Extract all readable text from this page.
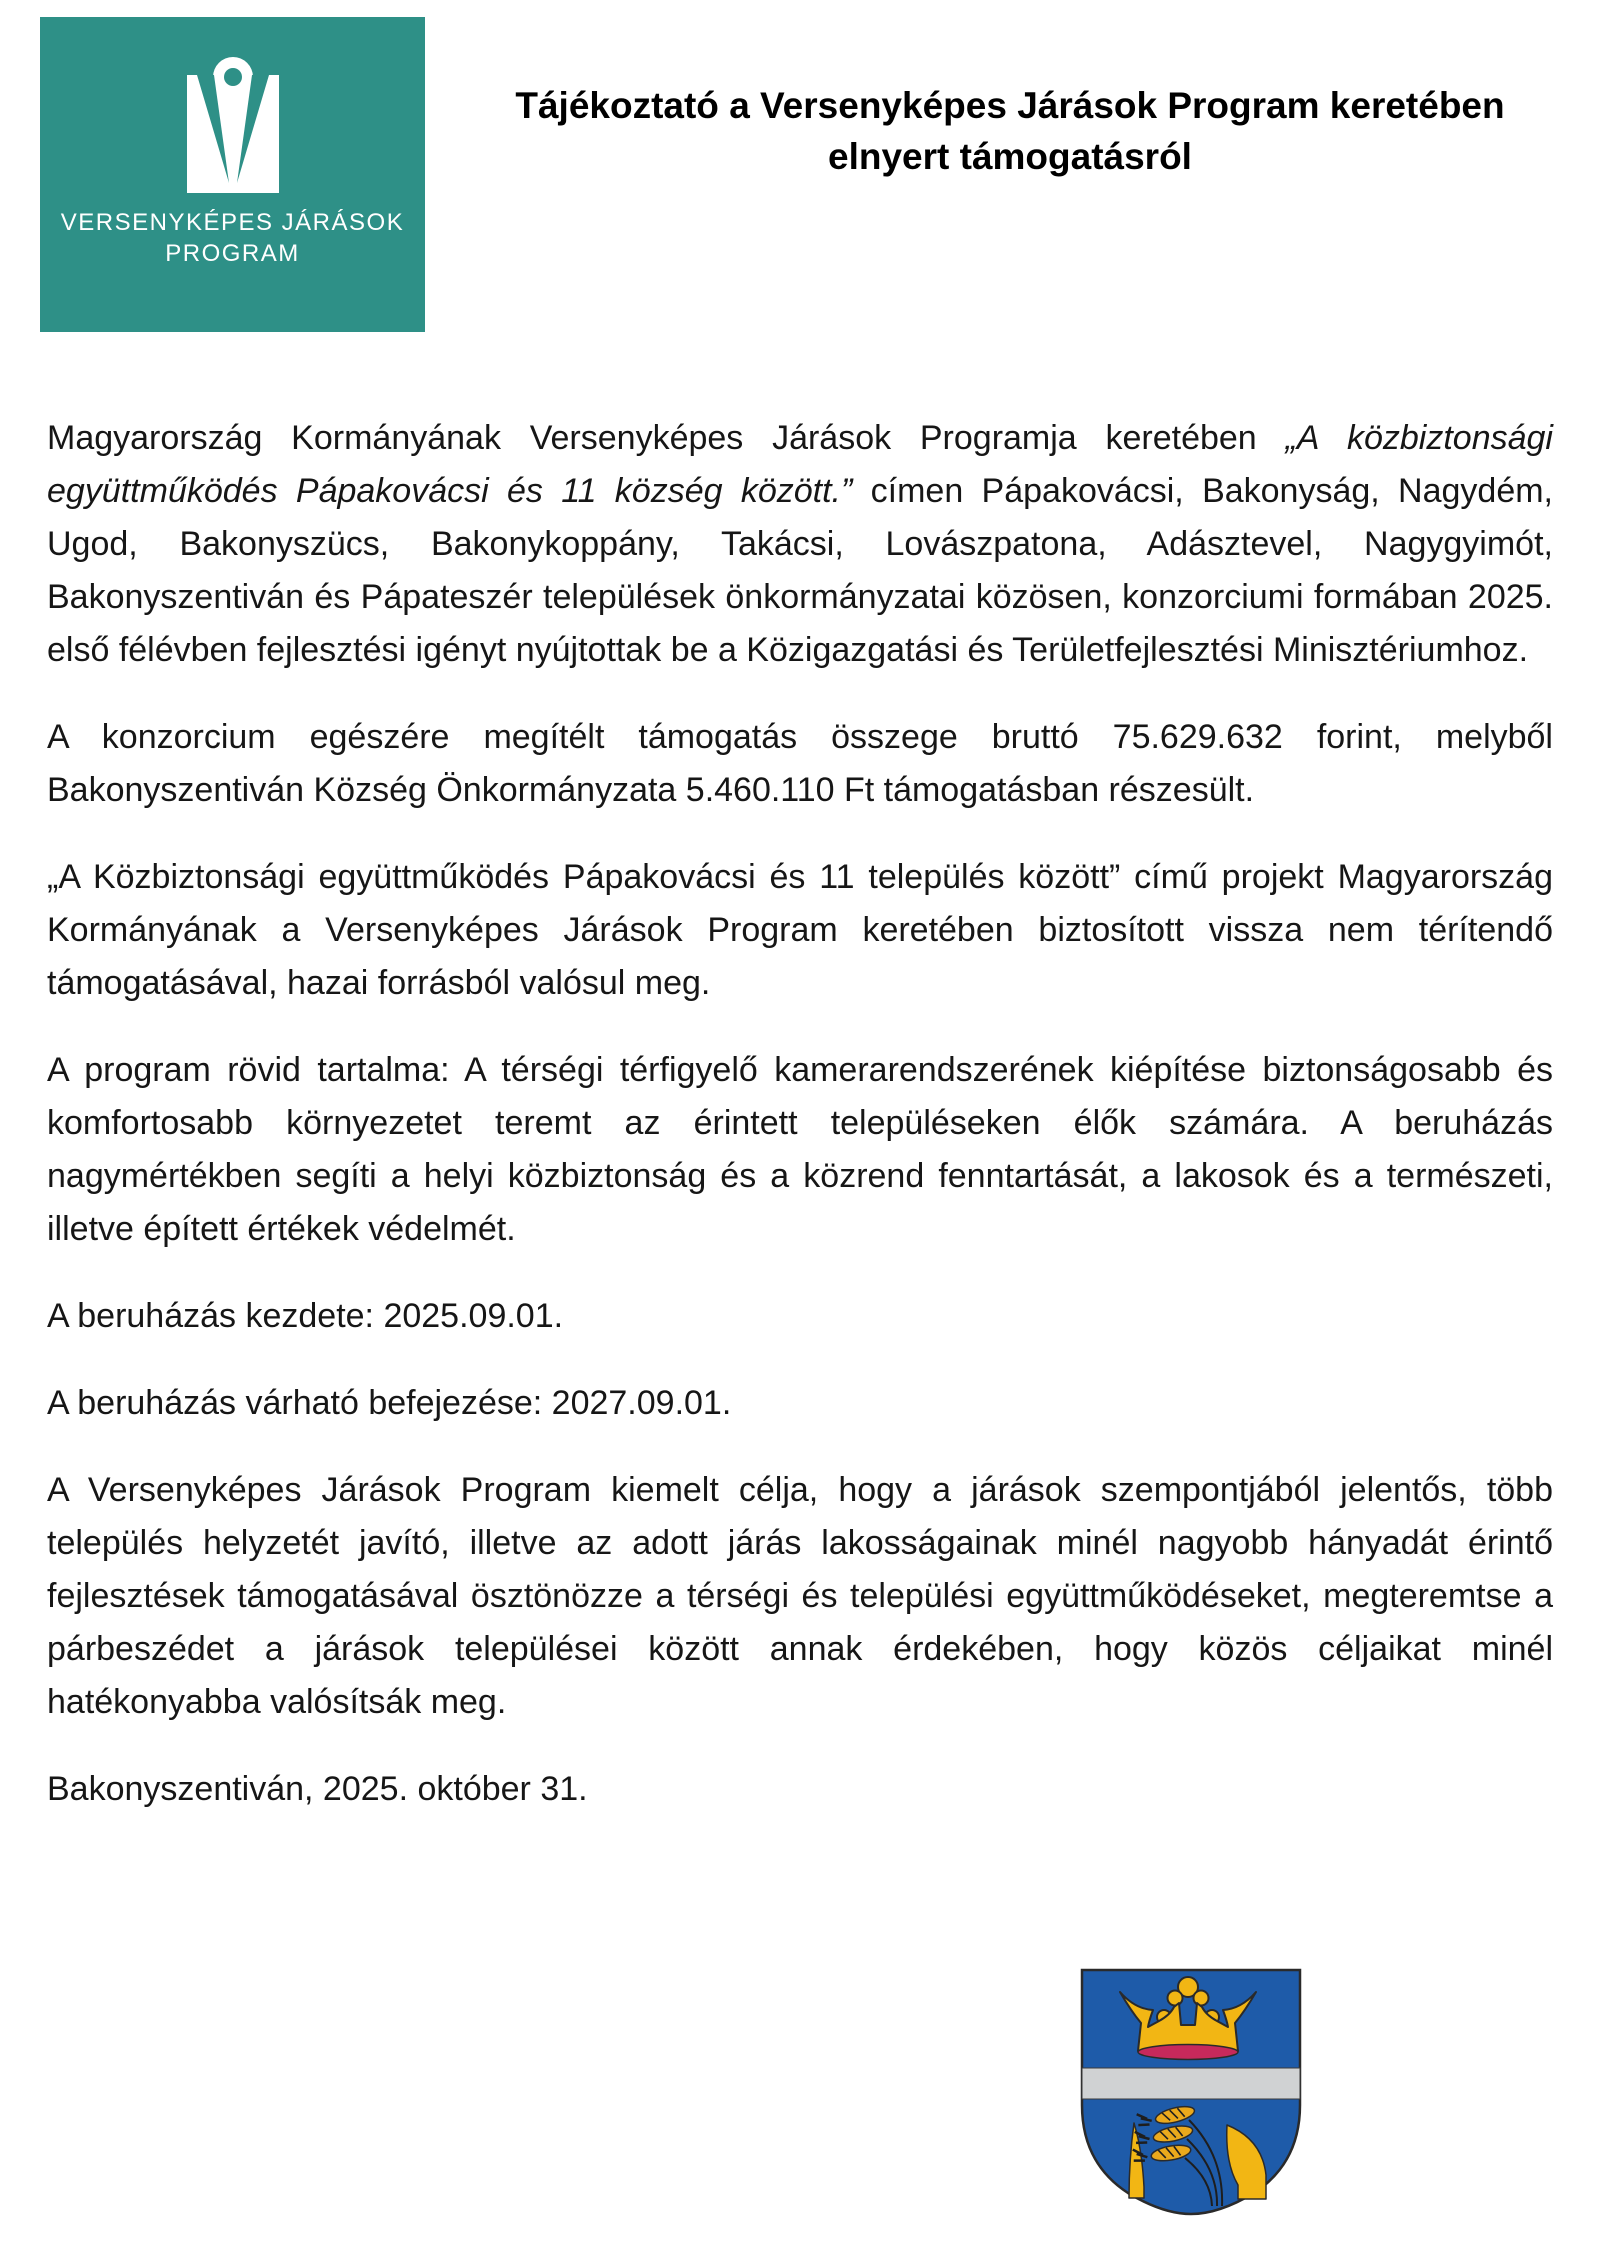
VERSENYKÉPES JÁRÁSOK
PROGRAM
Tájékoztató a Versenyképes Járások Program keretében elnyert támogatásról

Magyarország Kormányának Versenyképes Járások Programja keretében „A közbiztonsági együttműködés Pápakovácsi és 11 község között.” címen Pápakovácsi, Bakonyság, Nagydém, Ugod, Bakonyszücs, Bakonykoppány, Takácsi, Lovászpatona, Adásztevel, Nagygyimót, Bakonyszentiván és Pápateszér települések önkormányzatai közösen, konzorciumi formában 2025. első félévben fejlesztési igényt nyújtottak be a Közigazgatási és Területfejlesztési Minisztériumhoz.

A konzorcium egészére megítélt támogatás összege bruttó 75.629.632 forint, melyből Bakonyszentiván Község Önkormányzata 5.460.110 Ft támogatásban részesült.

„A Közbiztonsági együttműködés Pápakovácsi és 11 település között” című projekt Magyarország Kormányának a Versenyképes Járások Program keretében biztosított vissza nem térítendő támogatásával, hazai forrásból valósul meg.

A program rövid tartalma: A térségi térfigyelő kamerarendszerének kiépítése biztonságosabb és komfortosabb környezetet teremt az érintett településeken élők számára. A beruházás nagymértékben segíti a helyi közbiztonság és a közrend fenntartását, a lakosok és a természeti, illetve épített értékek védelmét.

A beruházás kezdete: 2025.09.01.

A beruházás várható befejezése: 2027.09.01.

A Versenyképes Járások Program kiemelt célja, hogy a járások szempontjából jelentős, több település helyzetét javító, illetve az adott járás lakosságainak minél nagyobb hányadát érintő fejlesztések támogatásával ösztönözze a térségi és települési együttműködéseket, megteremtse a párbeszédet a járások települései között annak érdekében, hogy közös céljaikat minél hatékonyabba valósítsák meg.

Bakonyszentiván, 2025. október 31.
